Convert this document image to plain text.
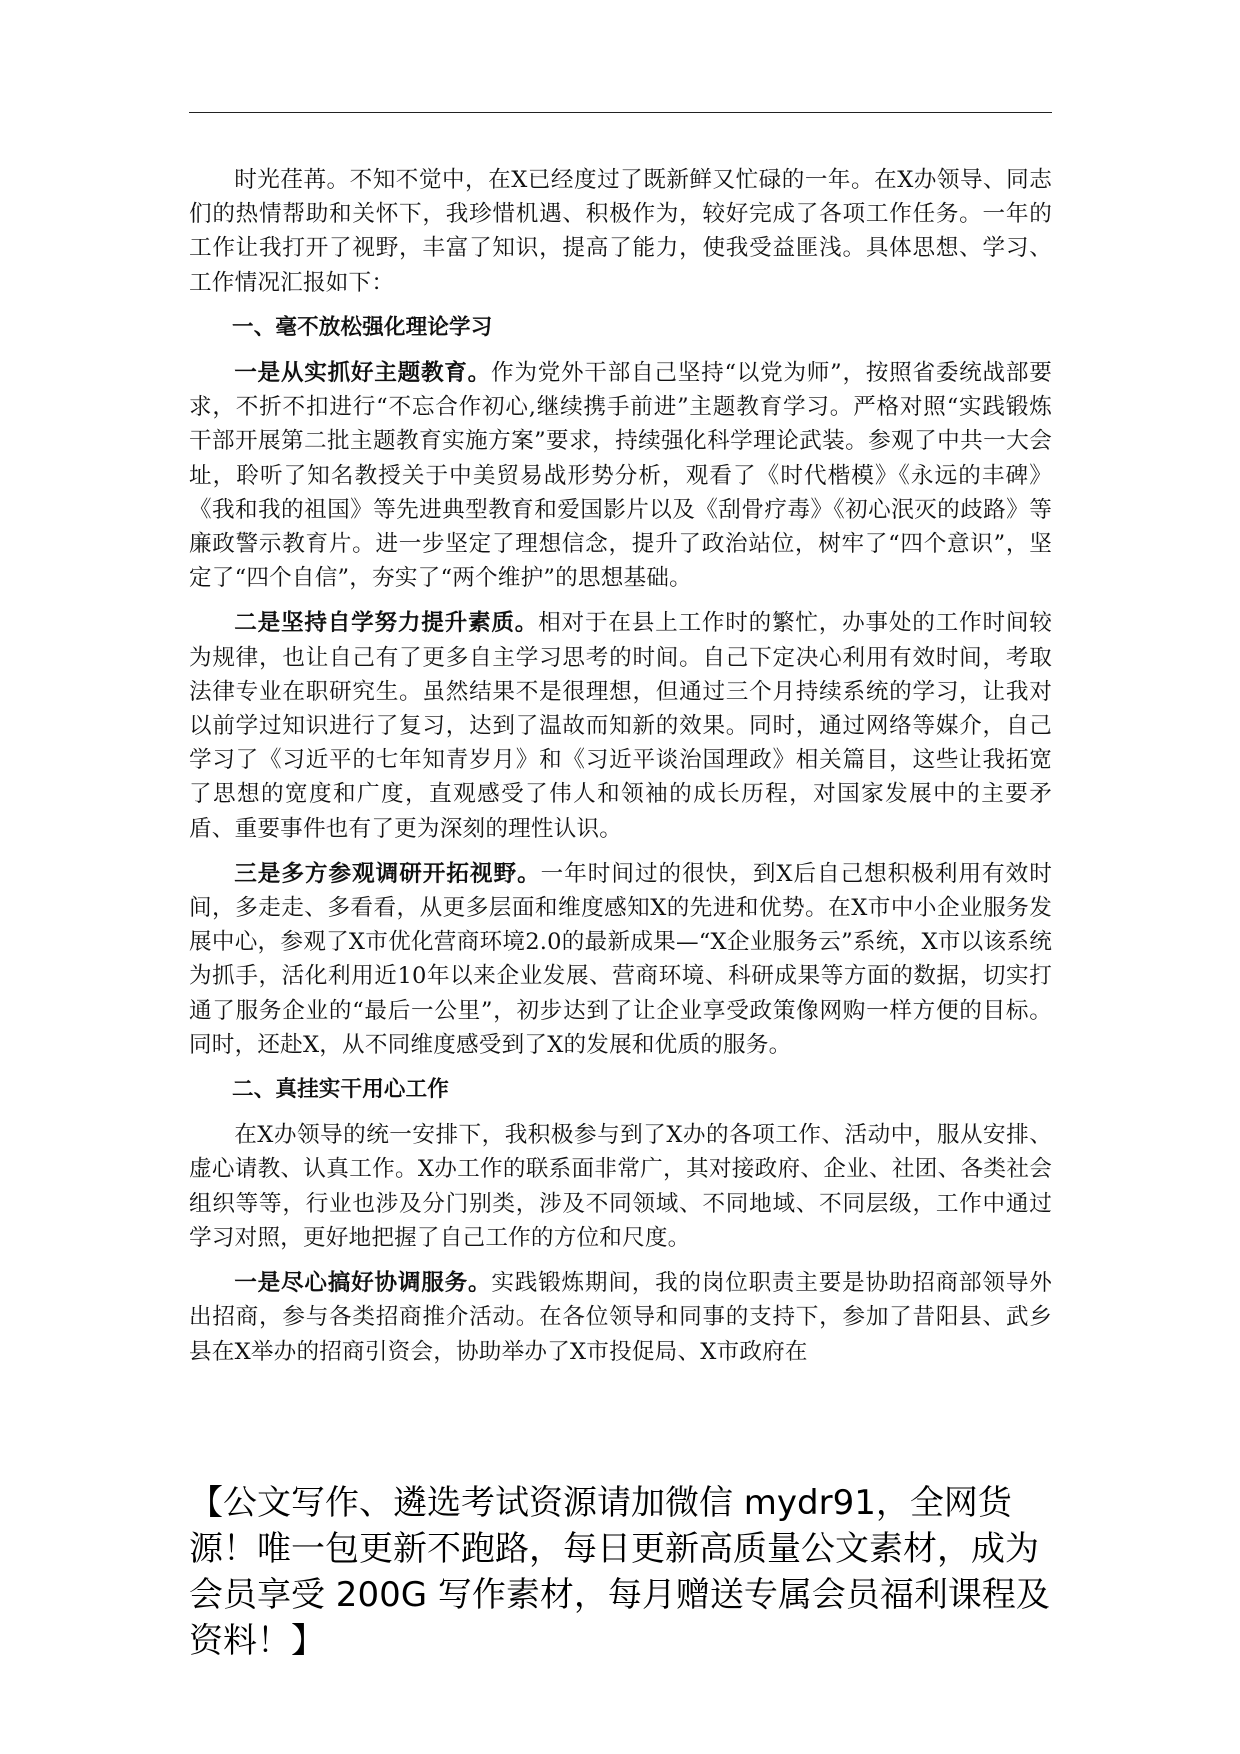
时光荏苒。不知不觉中，在X已经度过了既新鲜又忙碌的一年。在X办领导、同志们的热情帮助和关怀下，我珍惜机遇、积极作为，较好完成了各项工作任务。一年的工作让我打开了视野，丰富了知识，提高了能力，使我受益匪浅。具体思想、学习、工作情况汇报如下：

一、毫不放松强化理论学习

一是从实抓好主题教育。作为党外干部自己坚持“以党为师”，按照省委统战部要求，不折不扣进行“不忘合作初心,继续携手前进”主题教育学习。严格对照“实践锻炼干部开展第二批主题教育实施方案”要求，持续强化科学理论武装。参观了中共一大会址，聆听了知名教授关于中美贸易战形势分析，观看了《时代楷模》《永远的丰碑》《我和我的祖国》等先进典型教育和爱国影片以及《刮骨疗毒》《初心泯灭的歧路》等廉政警示教育片。进一步坚定了理想信念，提升了政治站位，树牢了“四个意识”，坚定了“四个自信”，夯实了“两个维护”的思想基础。

二是坚持自学努力提升素质。相对于在县上工作时的繁忙，办事处的工作时间较为规律，也让自己有了更多自主学习思考的时间。自己下定决心利用有效时间，考取法律专业在职研究生。虽然结果不是很理想，但通过三个月持续系统的学习，让我对以前学过知识进行了复习，达到了温故而知新的效果。同时，通过网络等媒介，自己学习了《习近平的七年知青岁月》和《习近平谈治国理政》相关篇目，这些让我拓宽了思想的宽度和广度，直观感受了伟人和领袖的成长历程，对国家发展中的主要矛盾、重要事件也有了更为深刻的理性认识。

三是多方参观调研开拓视野。一年时间过的很快，到X后自己想积极利用有效时间，多走走、多看看，从更多层面和维度感知X的先进和优势。在X市中小企业服务发展中心，参观了X市优化营商环境2.0的最新成果—“X企业服务云”系统，X市以该系统为抓手，活化利用近10年以来企业发展、营商环境、科研成果等方面的数据，切实打通了服务企业的“最后一公里”，初步达到了让企业享受政策像网购一样方便的目标。同时，还赴X，从不同维度感受到了X的发展和优质的服务。

二、真挂实干用心工作

在X办领导的统一安排下，我积极参与到了X办的各项工作、活动中，服从安排、虚心请教、认真工作。X办工作的联系面非常广，其对接政府、企业、社团、各类社会组织等等，行业也涉及分门别类，涉及不同领域、不同地域、不同层级，工作中通过学习对照，更好地把握了自己工作的方位和尺度。

一是尽心搞好协调服务。实践锻炼期间，我的岗位职责主要是协助招商部领导外出招商，参与各类招商推介活动。在各位领导和同事的支持下，参加了昔阳县、武乡县在X举办的招商引资会，协助举办了X市投促局、X市政府在

【公文写作、遴选考试资源请加微信 mydr91，全网货源！唯一包更新不跑路，每日更新高质量公文素材，成为会员享受 200G 写作素材，每月赠送专属会员福利课程及资料！】
